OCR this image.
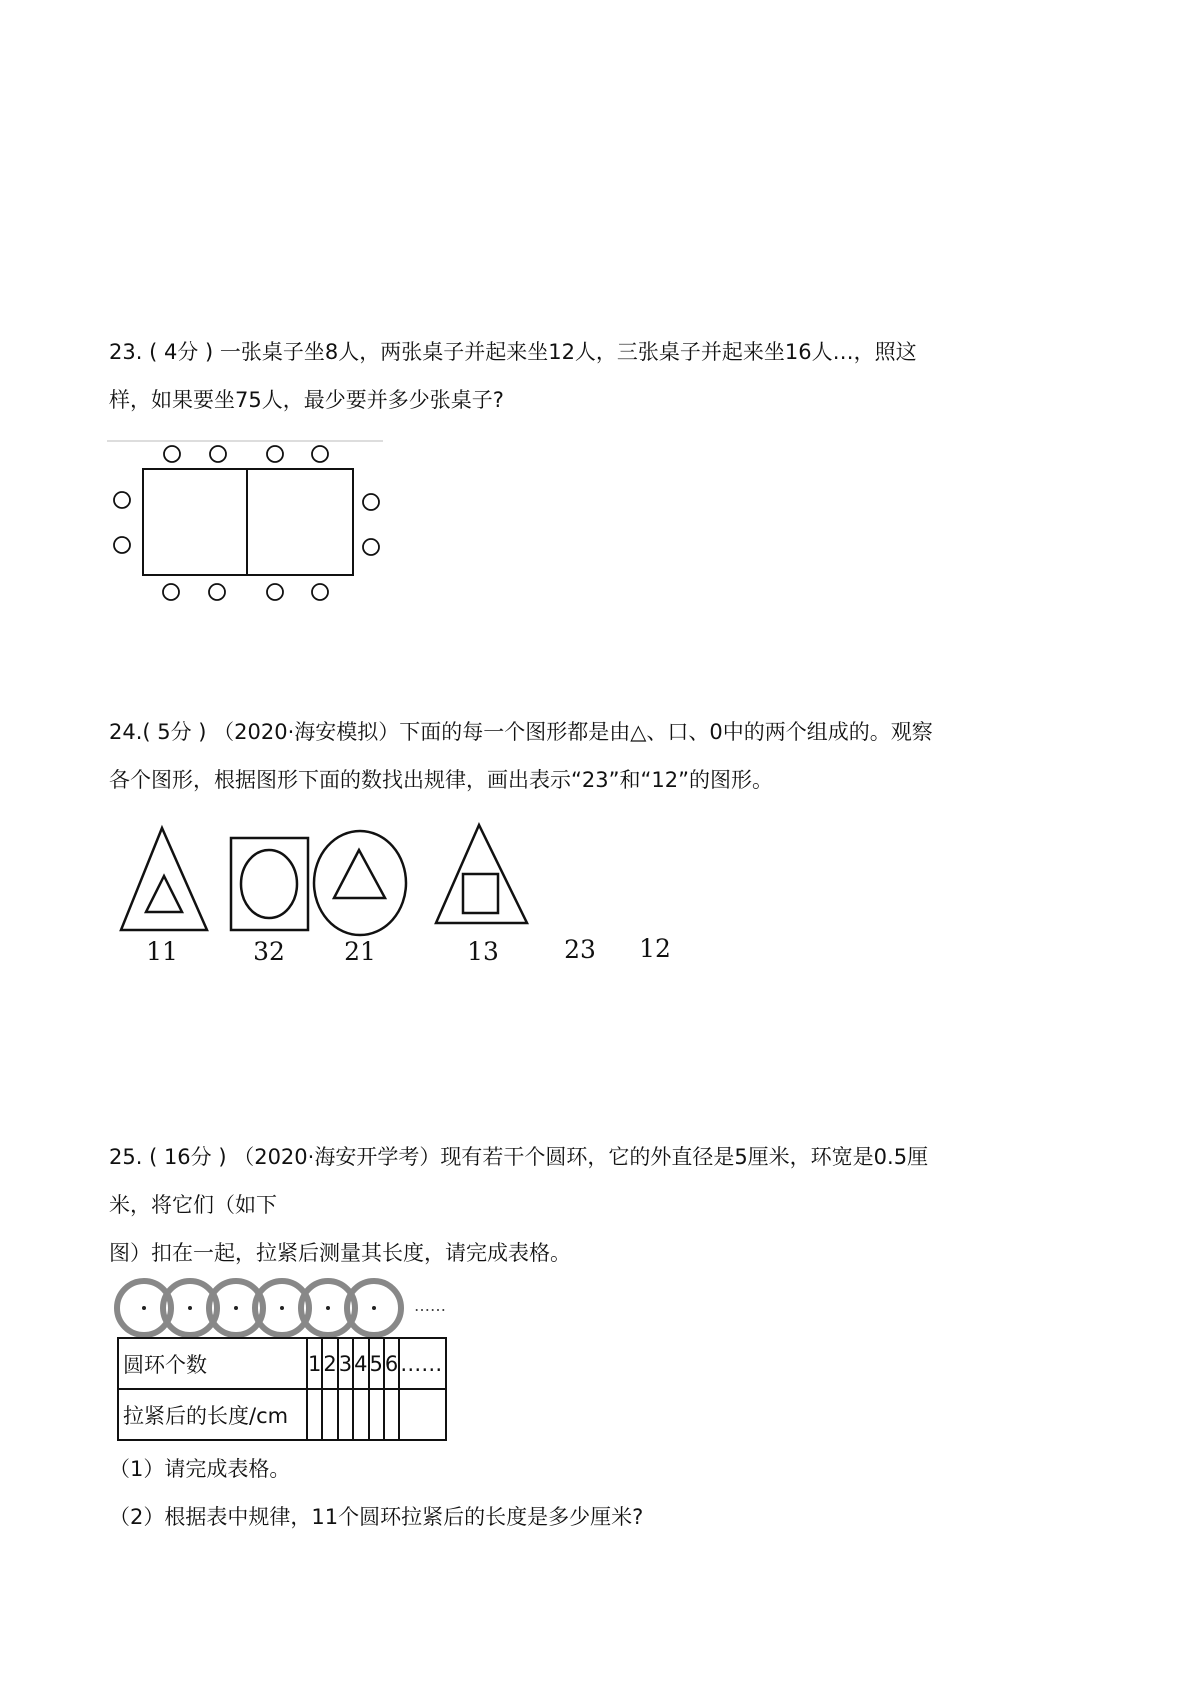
23. ( 4分 ) 一张桌子坐8人，两张桌子并起来坐12人，三张桌子并起来坐16人…，照这
样，如果要坐75人，最少要并多少张桌子?
24.( 5分 ) （2020·海安模拟）下面的每一个图形都是由△、口、0中的两个组成的。观察
各个图形，根据图形下面的数找出规律，画出表示“23”和“12”的图形。
11	32 21	13	23 12
25. ( 16分 ) （2020·海安开学考）现有若干个圆环，它的外直径是5厘米，环宽是0.5厘
米，将它们（如下
图）扣在一起，拉紧后测量其长度，请完成表格。
……
圆环个数	1	2	3	4	5	6	……
拉紧后的长度/cm							
（1）请完成表格。
（2）根据表中规律，11个圆环拉紧后的长度是多少厘米?
